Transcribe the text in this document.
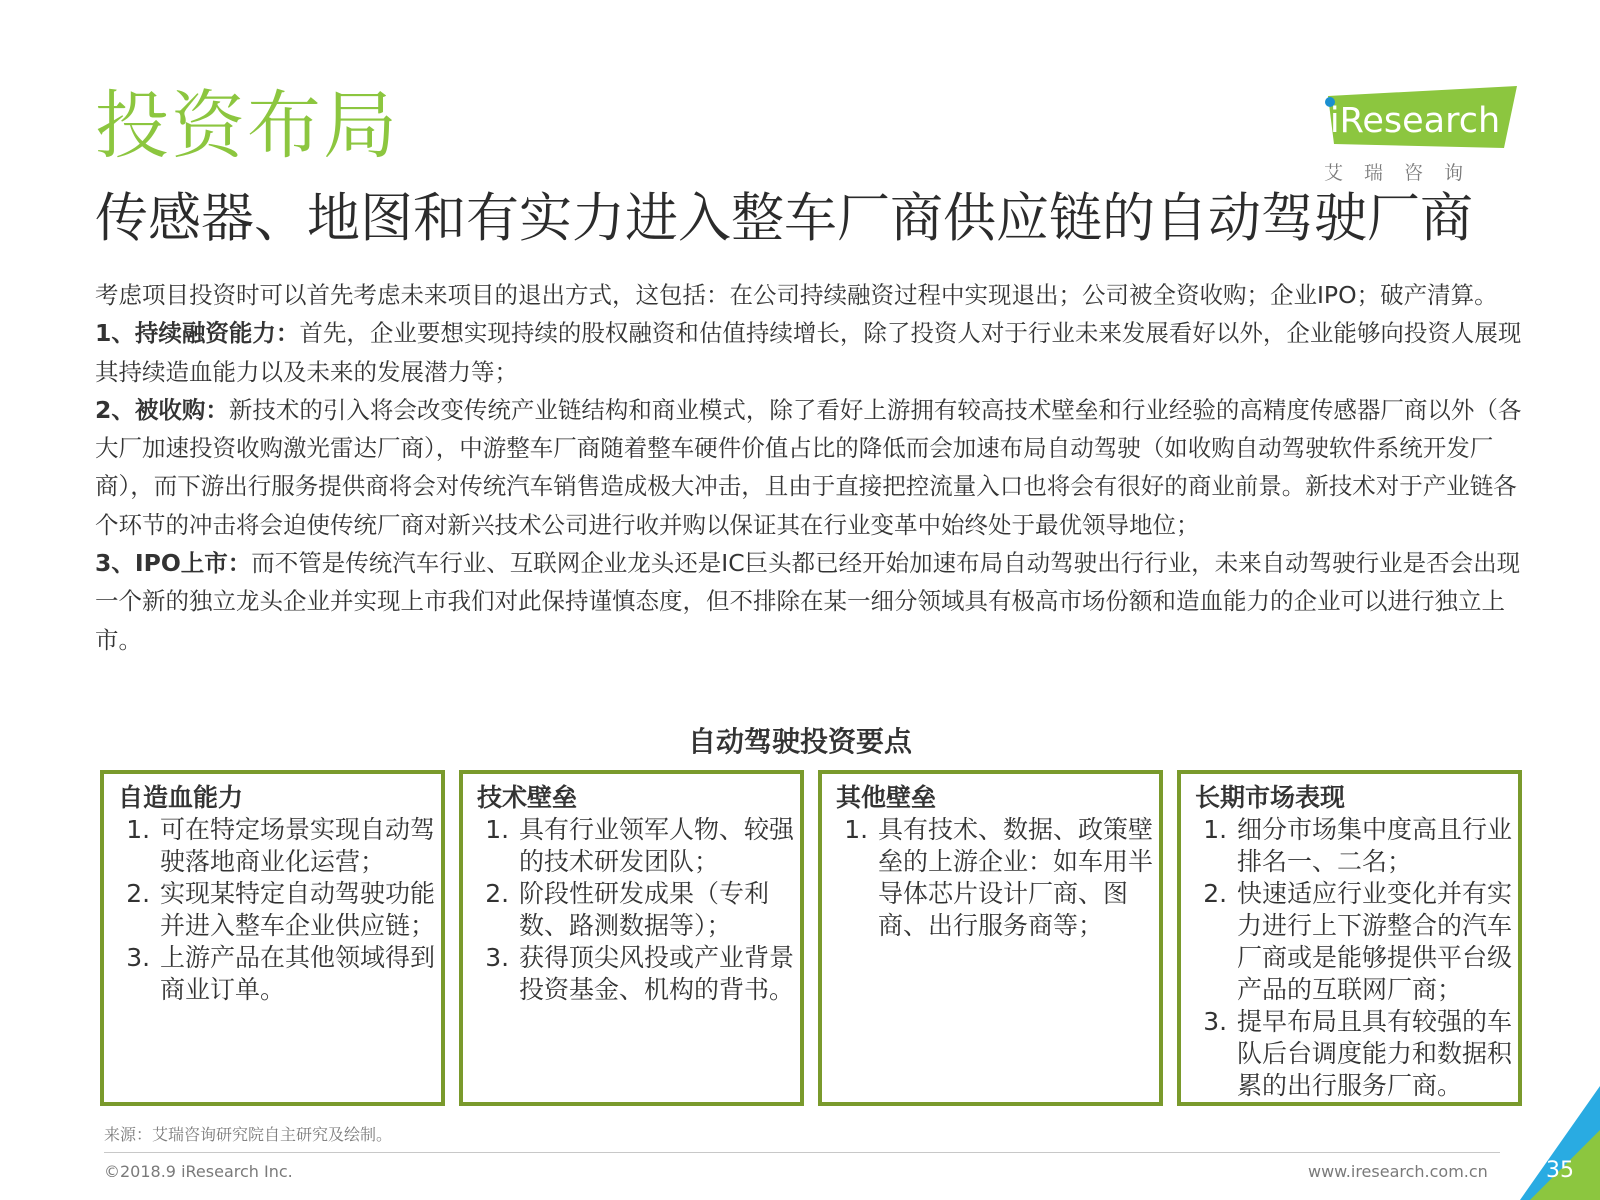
投资布局
传感器、地图和有实力进入整车厂商供应链的自动驾驶厂商
iResearch
艾瑞咨询

考虑项目投资时可以首先考虑未来项目的退出方式，这包括：在公司持续融资过程中实现退出；公司被全资收购；企业IPO；破产清算。

1、持续融资能力：首先，企业要想实现持续的股权融资和估值持续增长，除了投资人对于行业未来发展看好以外，企业能够向投资人展现其持续造血能力以及未来的发展潜力等；

2、被收购：新技术的引入将会改变传统产业链结构和商业模式，除了看好上游拥有较高技术壁垒和行业经验的高精度传感器厂商以外（各大厂加速投资收购激光雷达厂商），中游整车厂商随着整车硬件价值占比的降低而会加速布局自动驾驶（如收购自动驾驶软件系统开发厂商），而下游出行服务提供商将会对传统汽车销售造成极大冲击，且由于直接把控流量入口也将会有很好的商业前景。新技术对于产业链各个环节的冲击将会迫使传统厂商对新兴技术公司进行收并购以保证其在行业变革中始终处于最优领导地位；

3、IPO上市：而不管是传统汽车行业、互联网企业龙头还是IC巨头都已经开始加速布局自动驾驶出行行业，未来自动驾驶行业是否会出现一个新的独立龙头企业并实现上市我们对此保持谨慎态度，但不排除在某一细分领域具有极高市场份额和造血能力的企业可以进行独立上市。

自动驾驶投资要点
自造血能力
1. 可在特定场景实现自动驾驶落地商业化运营；
2. 实现某特定自动驾驶功能并进入整车企业供应链；
3. 上游产品在其他领域得到商业订单。
技术壁垒
1. 具有行业领军人物、较强的技术研发团队；
2. 阶段性研发成果（专利数、路测数据等）；
3. 获得顶尖风投或产业背景投资基金、机构的背书。
其他壁垒
1. 具有技术、数据、政策壁垒的上游企业：如车用半导体芯片设计厂商、图商、出行服务商等；
长期市场表现
1. 细分市场集中度高且行业排名一、二名；
2. 快速适应行业变化并有实力进行上下游整合的汽车厂商或是能够提供平台级产品的互联网厂商；
3. 提早布局且具有较强的车队后台调度能力和数据积累的出行服务厂商。
来源：艾瑞咨询研究院自主研究及绘制。
©2018.9 iResearch Inc.	www.iresearch.com.cn	35
